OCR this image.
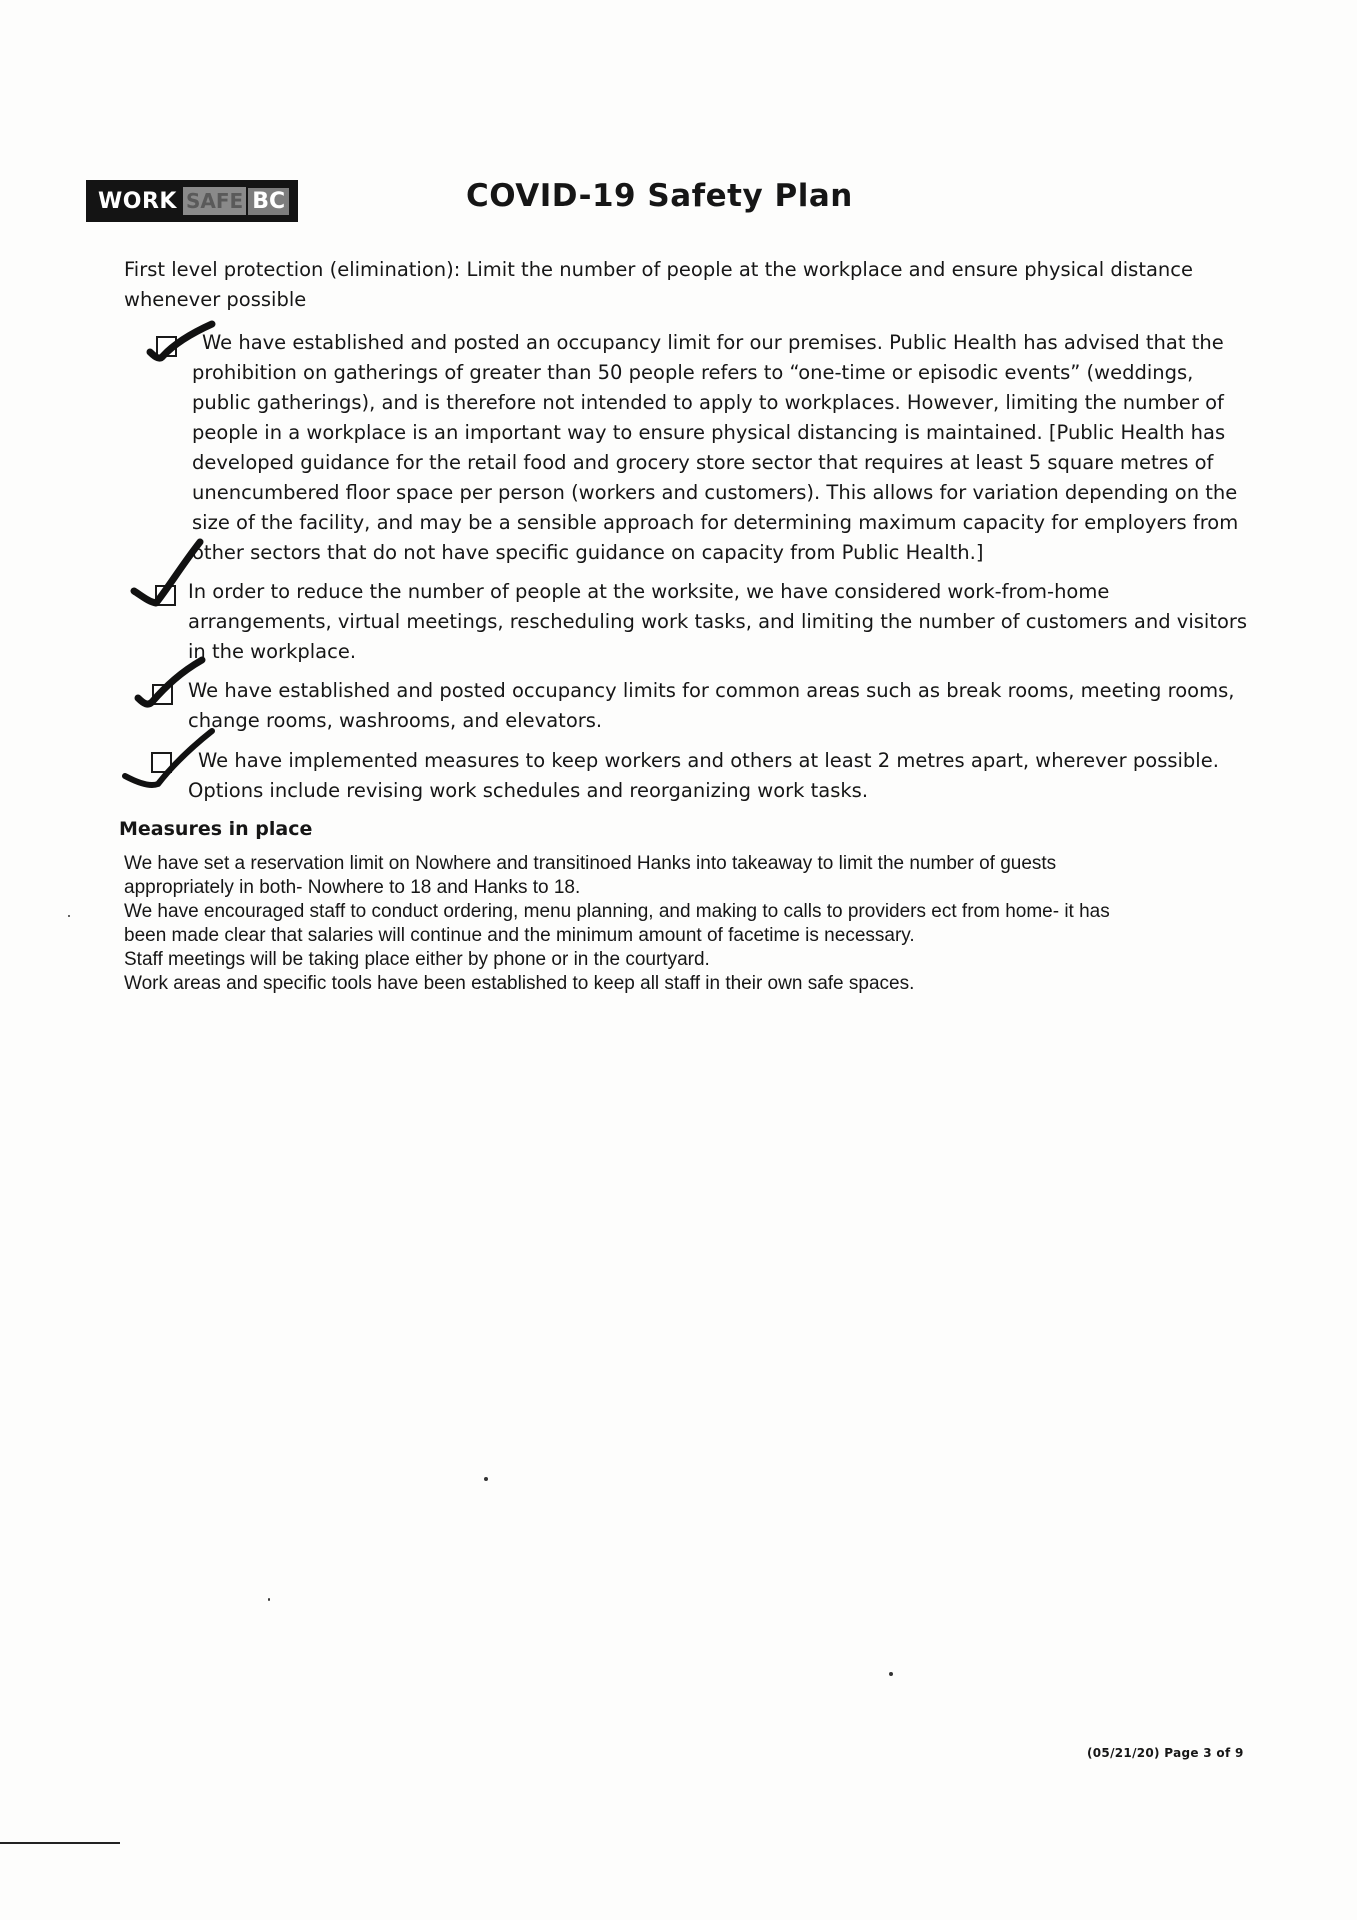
WORK SAFE BC	COVID-19 Safety Plan

First level protection (elimination): Limit the number of people at the workplace and ensure physical distance whenever possible

We have established and posted an occupancy limit for our premises. Public Health has advised that the
prohibition on gatherings of greater than 50 people refers to “one-time or episodic events” (weddings,
public gatherings), and is therefore not intended to apply to workplaces. However, limiting the number of
people in a workplace is an important way to ensure physical distancing is maintained. [Public Health has
developed guidance for the retail food and grocery store sector that requires at least 5 square metres of
unencumbered floor space per person (workers and customers). This allows for variation depending on the
size of the facility, and may be a sensible approach for determining maximum capacity for employers from
other sectors that do not have specific guidance on capacity from Public Health.]
In order to reduce the number of people at the worksite, we have considered work-from-home
arrangements, virtual meetings, rescheduling work tasks, and limiting the number of customers and visitors
in the workplace.
We have established and posted occupancy limits for common areas such as break rooms, meeting rooms,
change rooms, washrooms, and elevators.
We have implemented measures to keep workers and others at least 2 metres apart, wherever possible.
Options include revising work schedules and reorganizing work tasks.
Measures in place

We have set a reservation limit on Nowhere and transitinoed Hanks into takeaway to limit the number of guests

appropriately in both- Nowhere to 18 and Hanks to 18.

We have encouraged staff to conduct ordering, menu planning, and making to calls to providers ect from home- it has

been made clear that salaries will continue and the minimum amount of facetime is necessary.

Staff meetings will be taking place either by phone or in the courtyard.

Work areas and specific tools have been established to keep all staff in their own safe spaces.

(05/21/20) Page 3 of 9
